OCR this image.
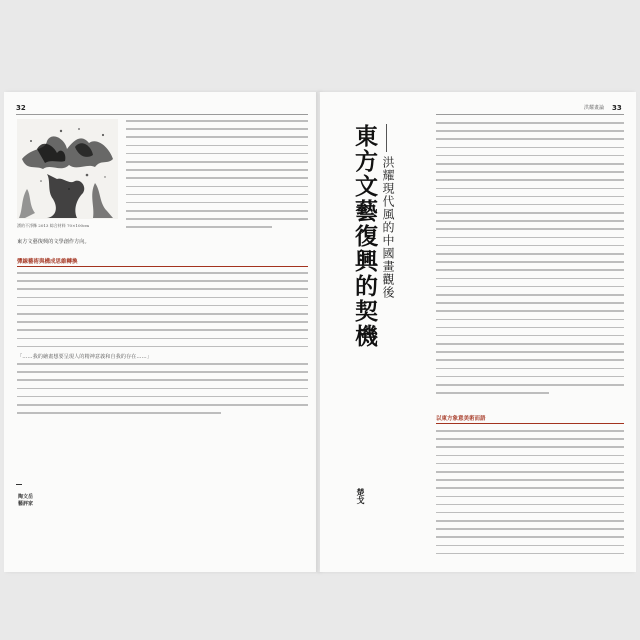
32
湧的不淨飾 2013 綜合材料 70×100cm
東方文藝復興的文學創作方向。
彈線藝術與構成思維轉換
「……我的繪畫想要呈現人的精神意義和自我的存在……」
陶文岳
藝評家
洪耀畫論 33
以東方象意美術而語
東方文藝復興的契機 洪耀現代風的中國畫觀後
楚戈
